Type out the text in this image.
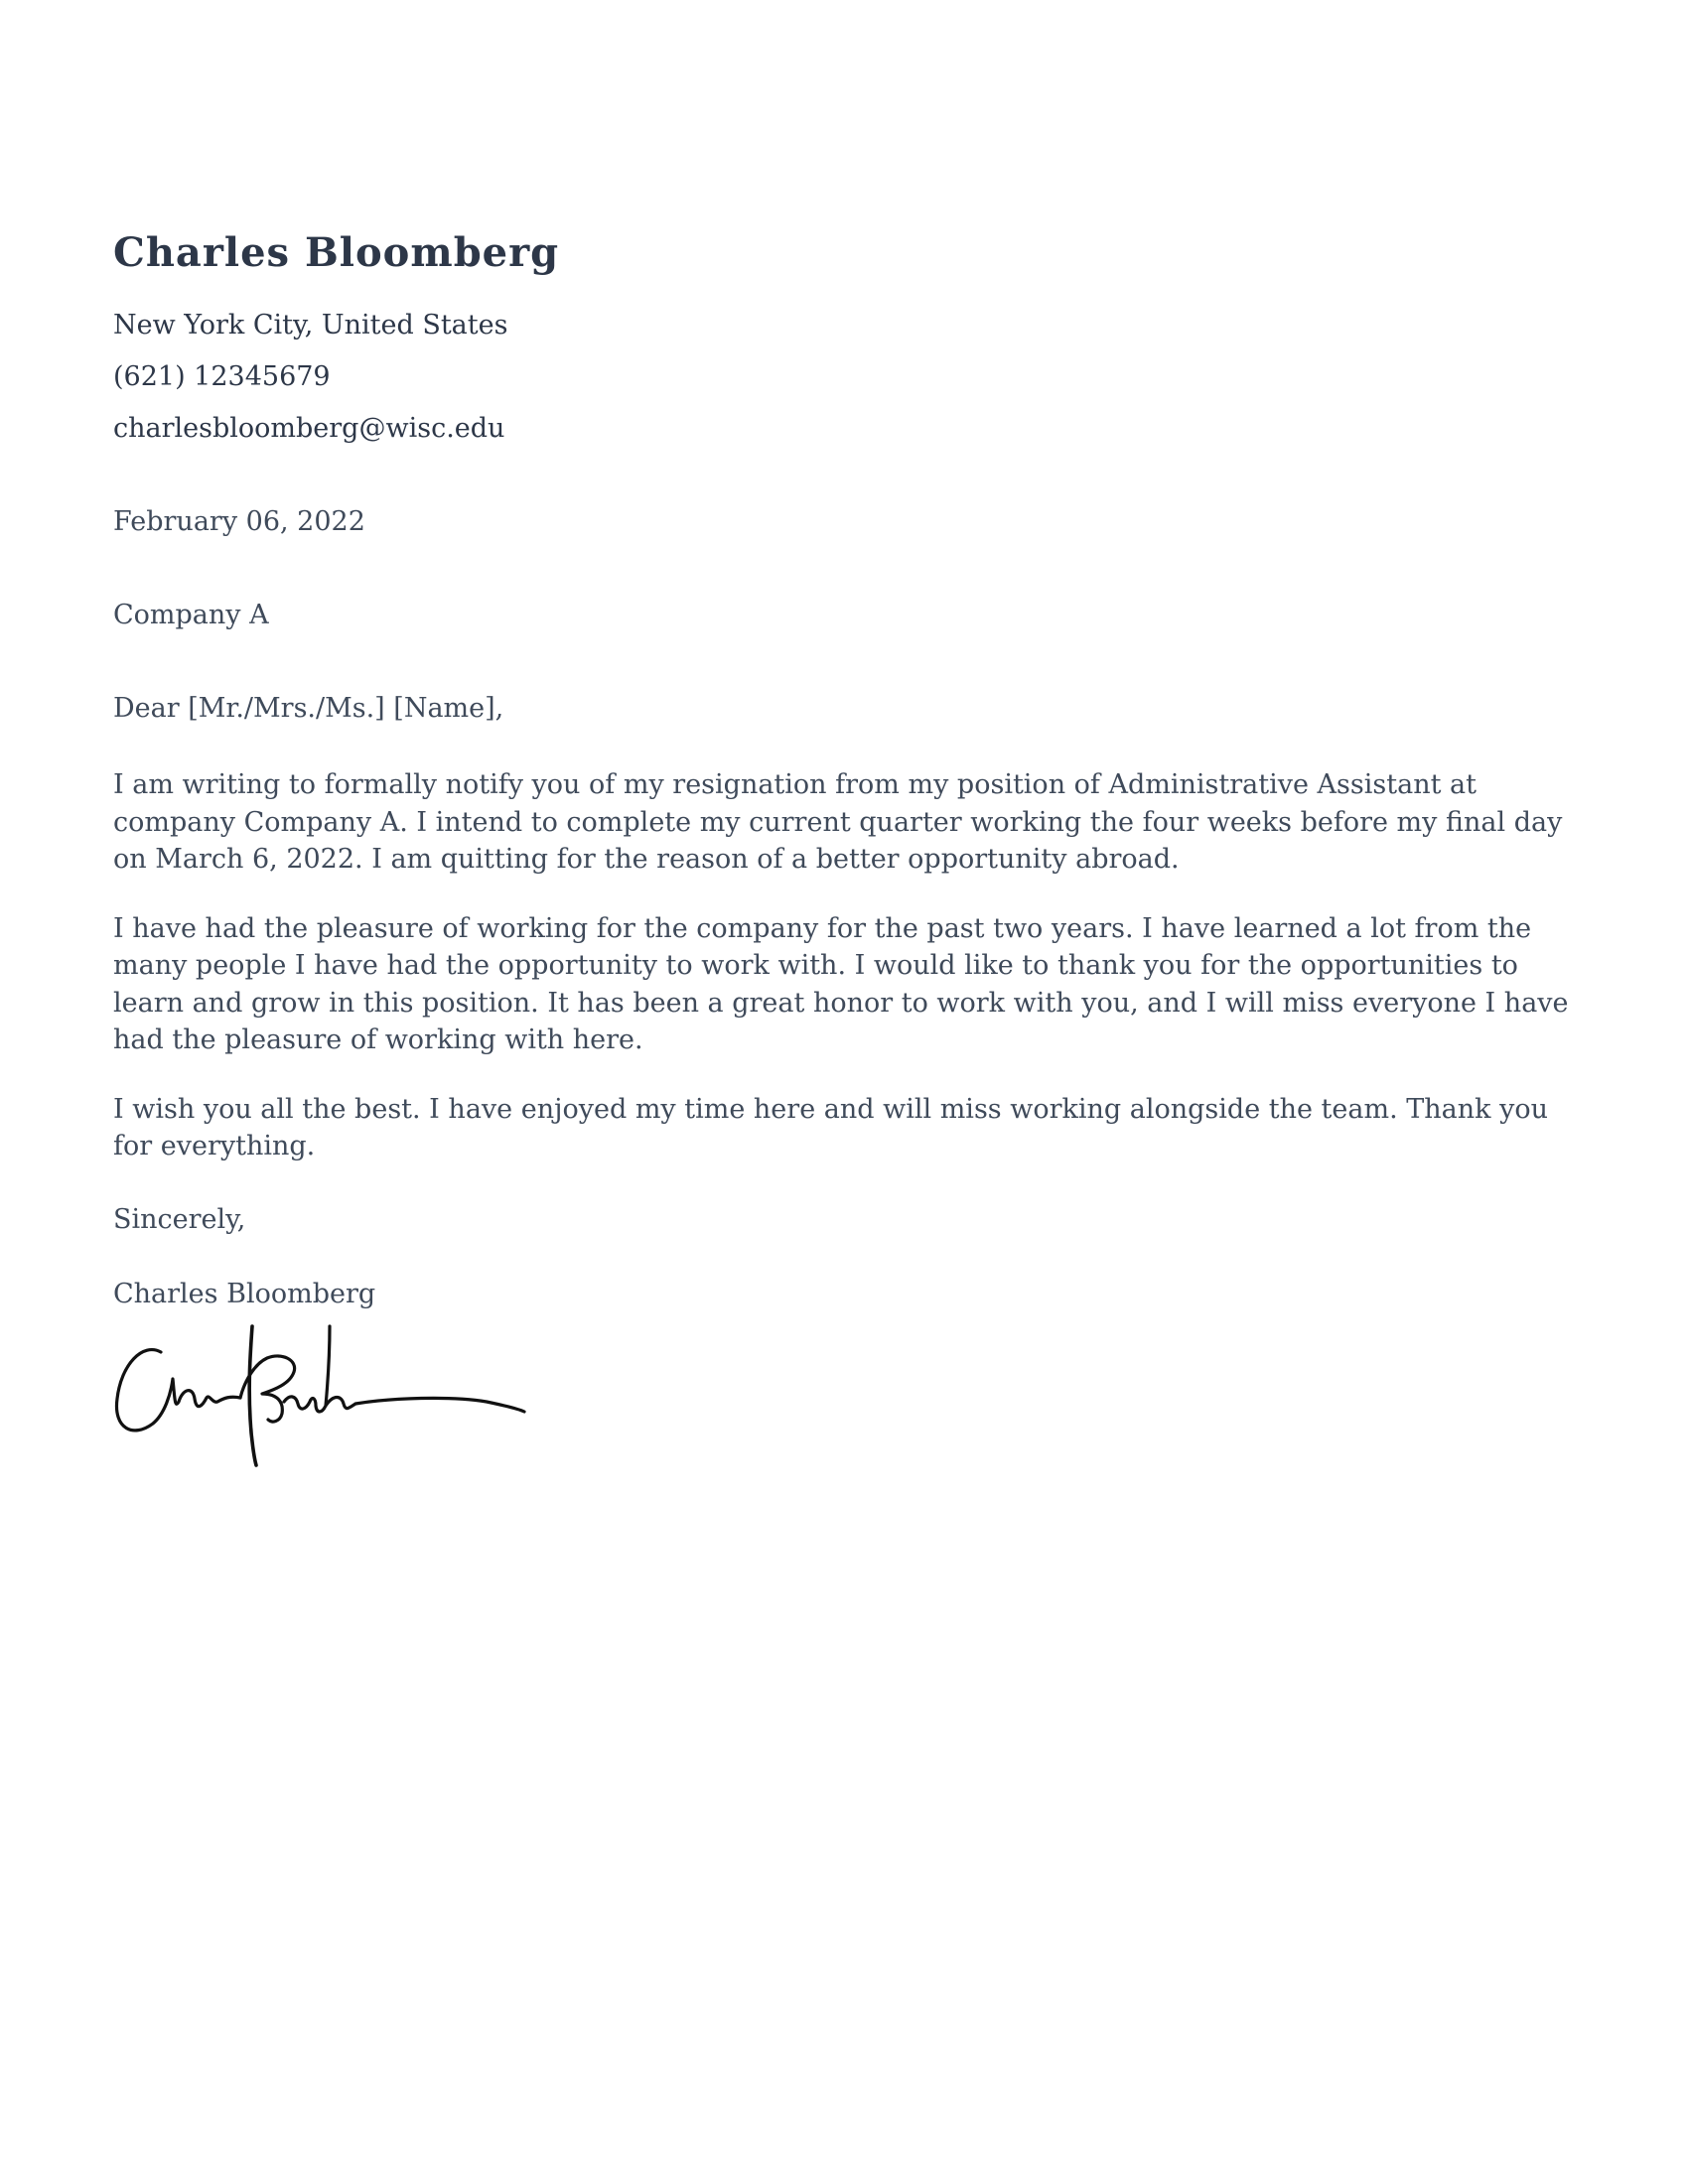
Charles Bloomberg
New York City, United States
(621) 12345679
charlesbloomberg@wisc.edu
February 06, 2022
Company A
Dear [Mr./Mrs./Ms.] [Name],
I am writing to formally notify you of my resignation from my position of Administrative Assistant at company Company A. I intend to complete my current quarter working the four weeks before my final day on March 6, 2022. I am quitting for the reason of a better opportunity abroad.
I have had the pleasure of working for the company for the past two years. I have learned a lot from the many people I have had the opportunity to work with. I would like to thank you for the opportunities to learn and grow in this position. It has been a great honor to work with you, and I will miss everyone I have had the pleasure of working with here.
I wish you all the best. I have enjoyed my time here and will miss working alongside the team. Thank you for everything.
Sincerely,
Charles Bloomberg
